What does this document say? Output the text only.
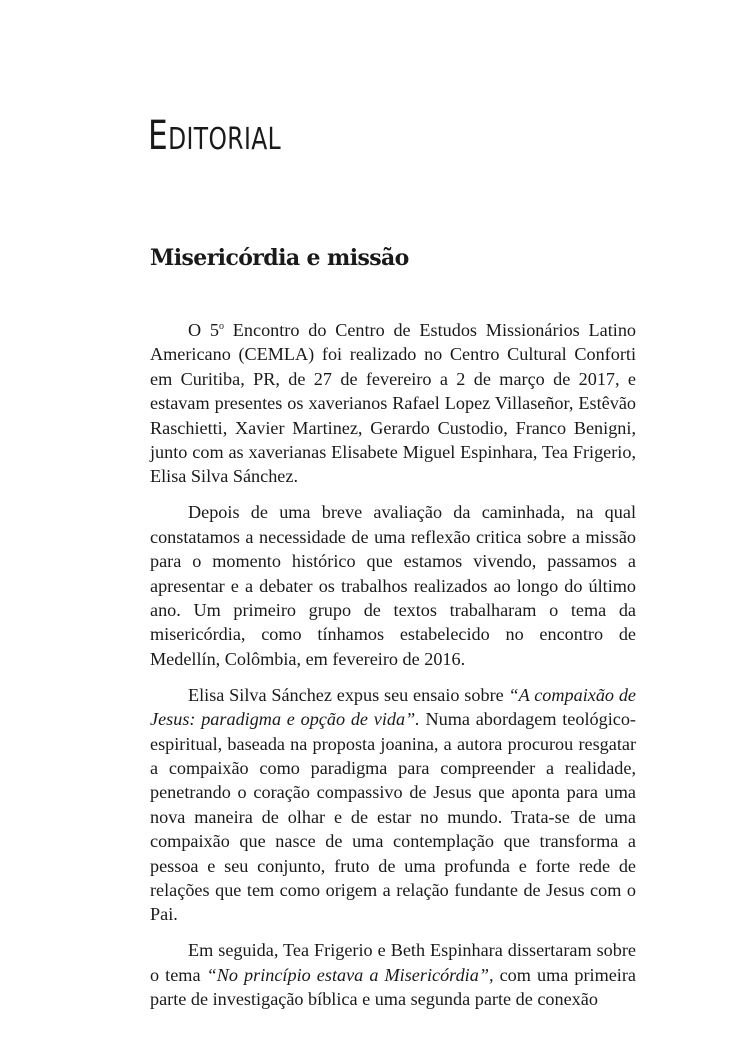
EDITORIAL
Misericórdia e missão

O 5$^o$ Encontro do Centro de Estudos Missionários Latino Americano (CEMLA) foi realizado no Centro Cultural Conforti em Curitiba, PR, de 27 de fevereiro a 2 de março de 2017, e estavam presentes os xaverianos Rafael Lopez Villaseñor, Estêvão Raschietti, Xavier Martinez, Gerardo Custodio, Franco Benigni, junto com as xaverianas Elisabete Miguel Espinhara, Tea Frigerio, Elisa Silva Sánchez.

Depois de uma breve avaliação da caminhada, na qual constatamos a necessidade de uma reflexão critica sobre a missão para o momento histórico que estamos vivendo, passamos a apresentar e a debater os trabalhos realizados ao longo do último ano. Um primeiro grupo de textos trabalharam o tema da misericórdia, como tínhamos estabelecido no encontro de Medellín, Colômbia, em fevereiro de 2016.

Elisa Silva Sánchez expus seu ensaio sobre “A compaixão de Jesus: paradigma e opção de vida”. Numa abordagem teológico-espiritual, baseada na proposta joanina, a autora procurou resgatar a compaixão como paradigma para compreender a realidade, penetrando o coração compassivo de Jesus que aponta para uma nova maneira de olhar e de estar no mundo. Trata-se de uma compaixão que nasce de uma contemplação que transforma a pessoa e seu conjunto, fruto de uma profunda e forte rede de relações que tem como origem a relação fundante de Jesus com o Pai.

Em seguida, Tea Frigerio e Beth Espinhara dissertaram sobre o tema “No princípio estava a Misericórdia”, com uma primeira parte de investigação bíblica e uma segunda parte de conexão
